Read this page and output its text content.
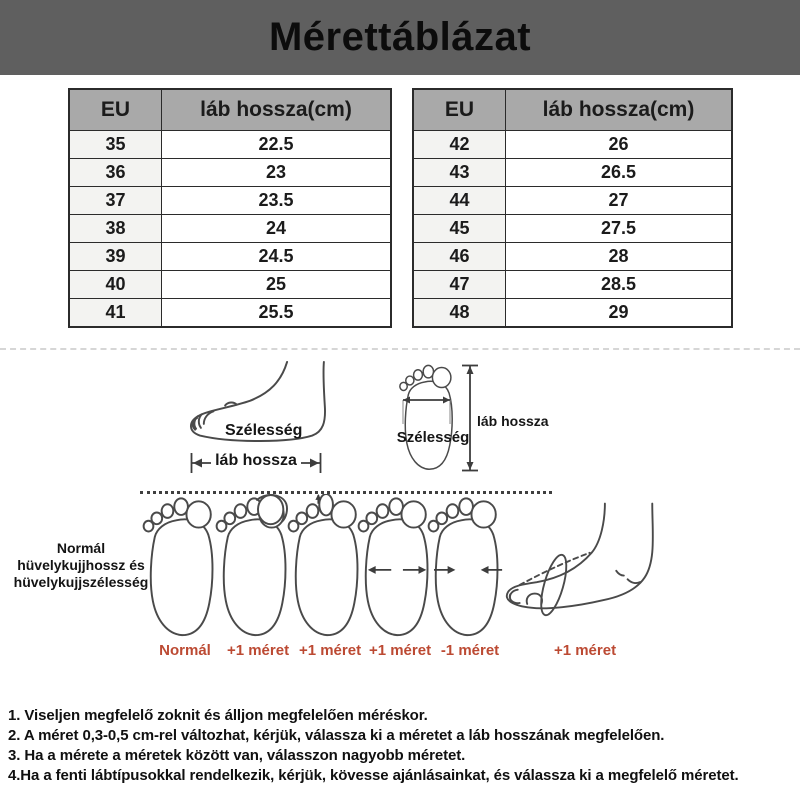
Mérettáblázat
EU	láb hossza(cm)
35	22.5
36	23
37	23.5
38	24
39	24.5
40	25
41	25.5
EU	láb hossza(cm)
42	26
43	26.5
44	27
45	27.5
46	28
47	28.5
48	29
Szélesség
láb hossza
láb hossza
Szélesség
Normál
hüvelykujjhossz és
hüvelykujjszélesség
Normál	+1 méret +1 méret +1 méret -1 méret	+1 méret
1. Viseljen megfelelő zoknit és álljon megfelelően méréskor.
2. A méret 0,3-0,5 cm-rel változhat, kérjük, válassza ki a méretet a láb hosszának megfelelően.
3. Ha a mérete a méretek között van, válasszon nagyobb méretet.
4.Ha a fenti lábtípusokkal rendelkezik, kérjük, kövesse ajánlásainkat, és válassza ki a megfelelő méretet.
